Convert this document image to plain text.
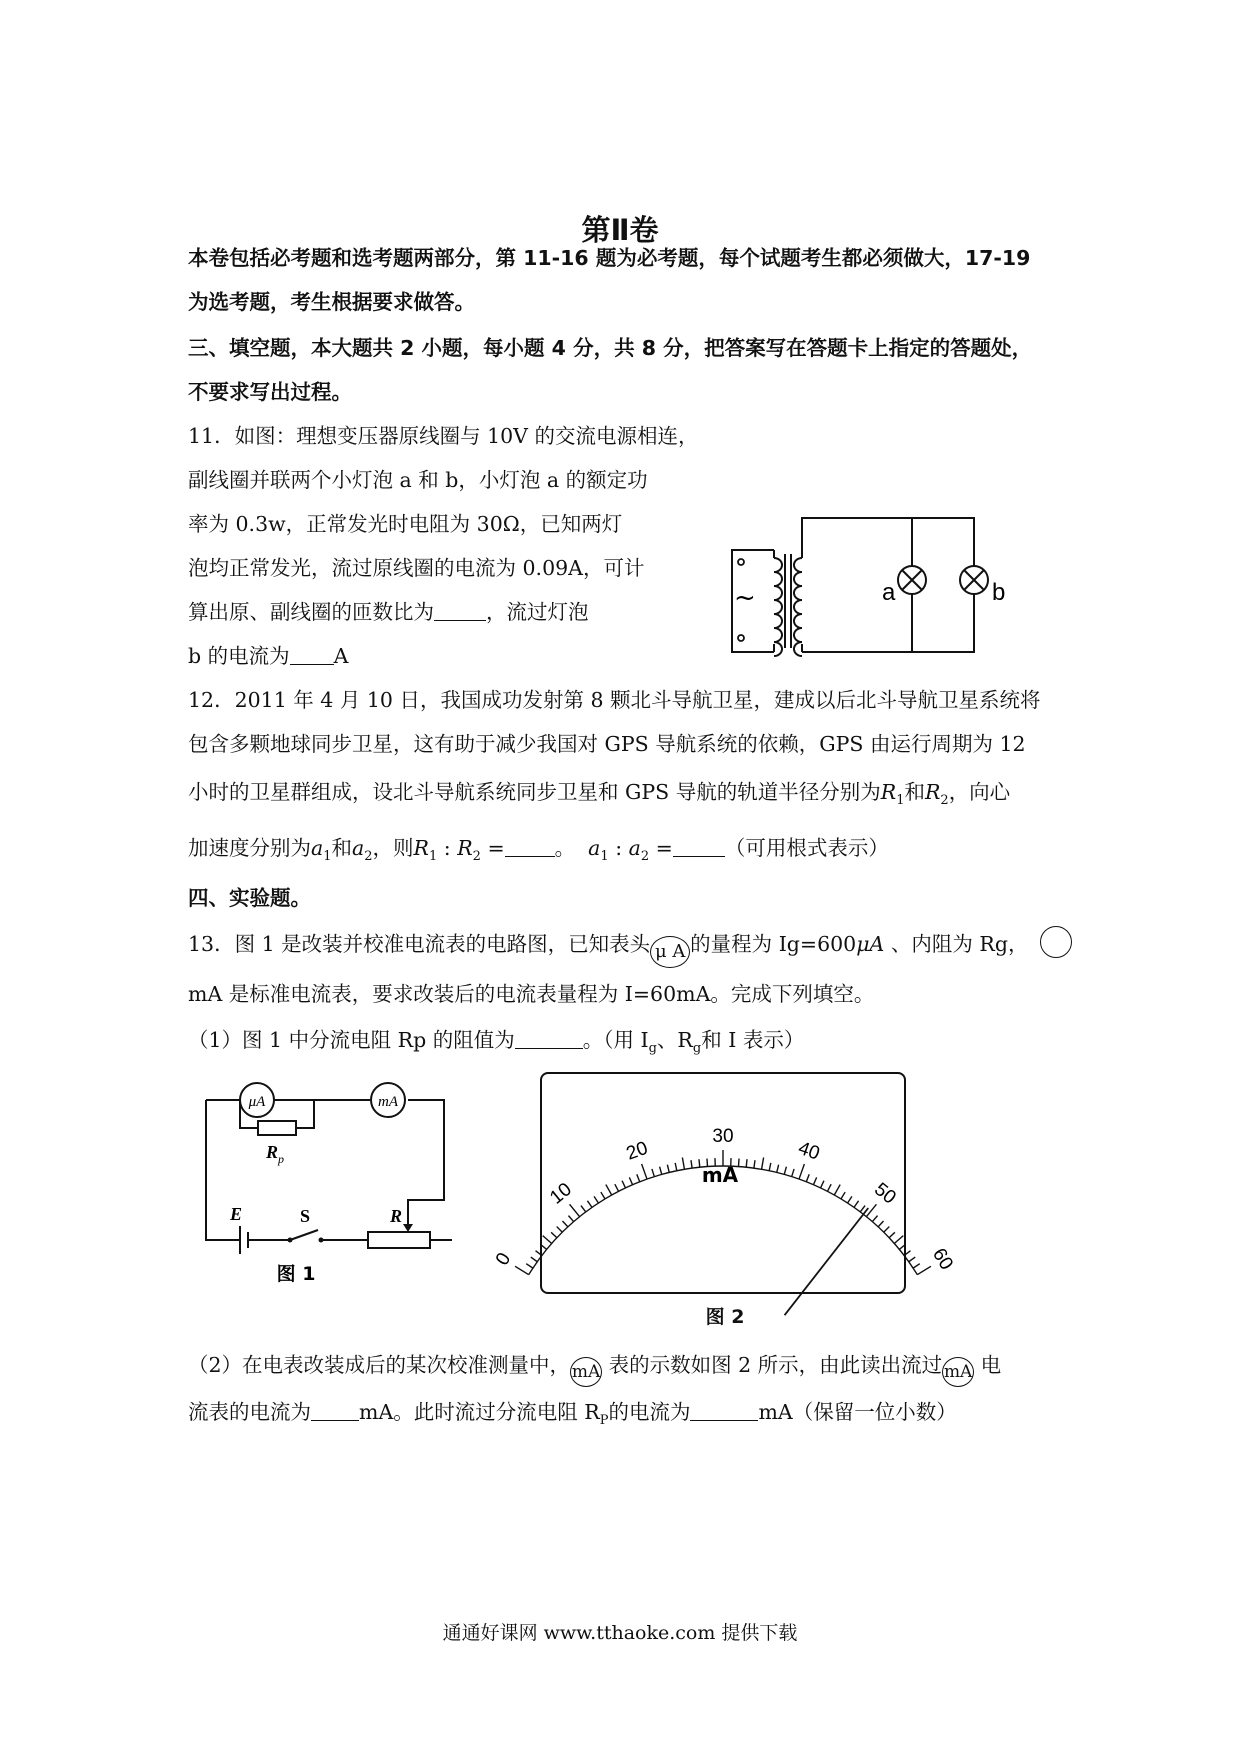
第Ⅱ卷
本卷包括必考题和选考题两部分，第 11-16 题为必考题，每个试题考生都必须做大，17-19
为选考题，考生根据要求做答。
三、填空题，本大题共 2 小题，每小题 4 分，共 8 分，把答案写在答题卡上指定的答题处，
不要求写出过程。
11．如图：理想变压器原线圈与 10V 的交流电源相连，
副线圈并联两个小灯泡 a 和 b，小灯泡 a 的额定功
率为 0.3w，正常发光时电阻为 30Ω，已知两灯
泡均正常发光，流过原线圈的电流为 0.09A，可计
算出原、副线圈的匝数比为	，流过灯泡
b 的电流为 A
~	a	b
12．2011 年 4 月 10 日，我国成功发射第 8 颗北斗导航卫星，建成以后北斗导航卫星系统将
包含多颗地球同步卫星，这有助于减少我国对 GPS 导航系统的依赖，GPS 由运行周期为 12
小时的卫星群组成，设北斗导航系统同步卫星和 GPS 导航的轨道半径分别为$R_1$和$R_2$，向心
加速度分别为$a_1$和$a_2$，则$R_1$ : $R_2$ = 。 $a_1$ : $a_2$ =	（可用根式表示）
四、实验题。
13．图 1 是改装并校准电流表的电路图，已知表头 μ A 的量程为 Ig=600μA 、内阻为 Rg，
mA 是标准电流表，要求改装后的电流表量程为 I=60mA。完成下列填空。
（1）图 1 中分流电阻 Rp 的阻值为	。（用 $I_g$、$R_g$和 I 表示）
μA	mA
R p
E	S	R
图 1
0
10
20
30
40
50
60
mA
图 2
（2）在电表改装成后的某次校准测量中， mA 表的示数如图 2 所示，由此读出流过 mA 电
流表的电流为 mA。此时流过分流电阻 $R_P$的电流为	mA（保留一位小数）
通通好课网 www.tthaoke.com 提供下载
